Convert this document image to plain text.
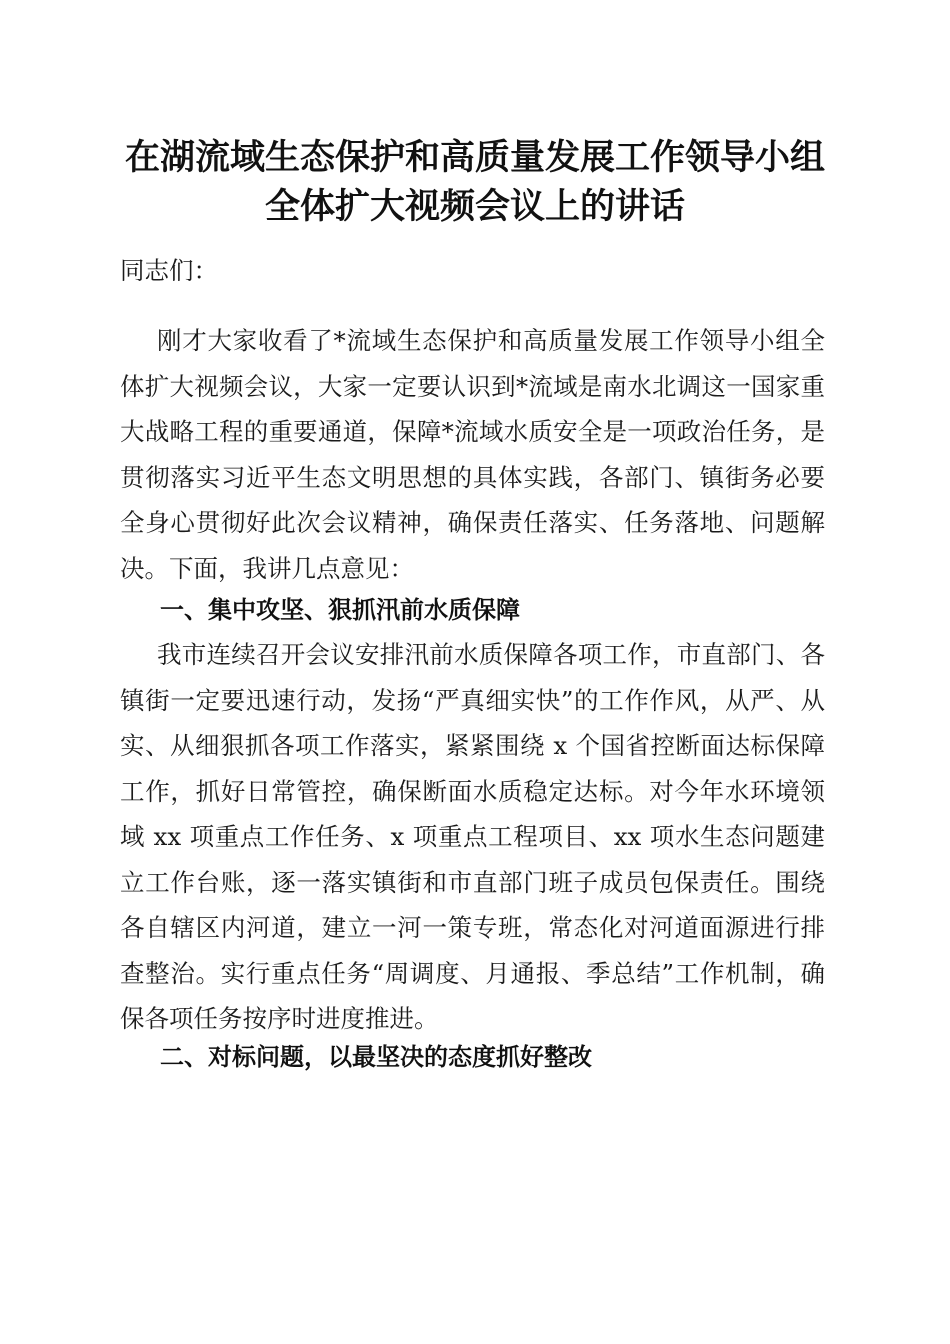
在湖流域生态保护和高质量发展工作领导小组
全体扩大视频会议上的讲话
同志们：

刚才大家收看了*流域生态保护和高质量发展工作领导小组全体扩大视频会议，大家一定要认识到*流域是南水北调这一国家重大战略工程的重要通道，保障*流域水质安全是一项政治任务，是贯彻落实习近平生态文明思想的具体实践，各部门、镇街务必要全身心贯彻好此次会议精神，确保责任落实、任务落地、问题解决。下面，我讲几点意见：

一、集中攻坚、狠抓汛前水质保障

我市连续召开会议安排汛前水质保障各项工作，市直部门、各镇街一定要迅速行动，发扬“严真细实快”的工作作风，从严、从实、从细狠抓各项工作落实，紧紧围绕 x 个国省控断面达标保障工作，抓好日常管控，确保断面水质稳定达标。对今年水环境领域 xx 项重点工作任务、x 项重点工程项目、xx 项水生态问题建立工作台账，逐一落实镇街和市直部门班子成员包保责任。围绕各自辖区内河道，建立一河一策专班，常态化对河道面源进行排查整治。实行重点任务“周调度、月通报、季总结”工作机制，确保各项任务按序时进度推进。

二、对标问题，以最坚决的态度抓好整改
